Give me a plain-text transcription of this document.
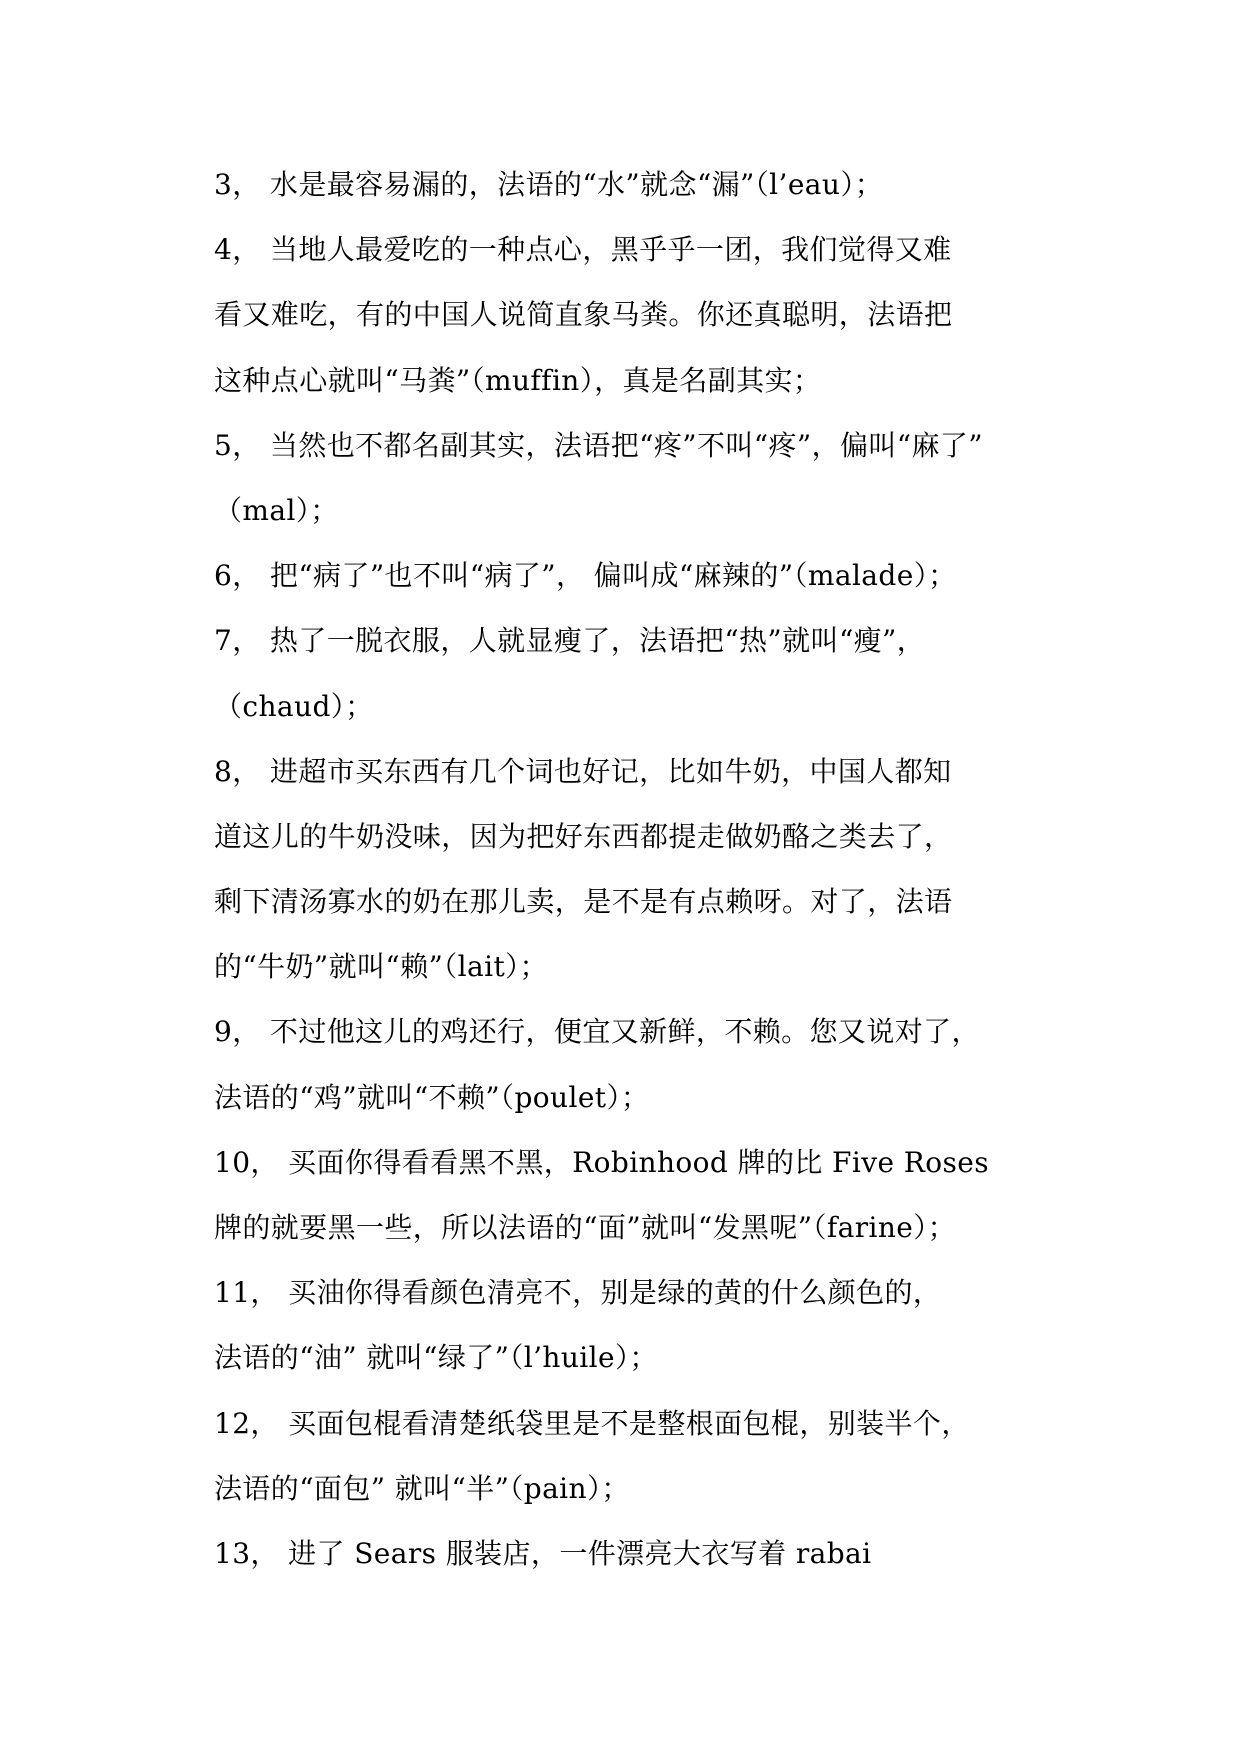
3， 水是最容易漏的，法语的“水”就念“漏”（l’eau）；
4， 当地人最爱吃的一种点心，黑乎乎一团，我们觉得又难
看又难吃，有的中国人说简直象马粪。你还真聪明，法语把
这种点心就叫“马粪”（muffin），真是名副其实；
5， 当然也不都名副其实，法语把“疼”不叫“疼”，偏叫“麻了”
（mal）；
6， 把“病了”也不叫“病了”， 偏叫成“麻辣的”（malade）；
7， 热了一脱衣服，人就显瘦了，法语把“热”就叫“瘦”，
（chaud）；
8， 进超市买东西有几个词也好记，比如牛奶，中国人都知
道这儿的牛奶没味，因为把好东西都提走做奶酪之类去了，
剩下清汤寡水的奶在那儿卖，是不是有点赖呀。对了，法语
的“牛奶”就叫“赖”（lait）；
9， 不过他这儿的鸡还行，便宜又新鲜，不赖。您又说对了，
法语的“鸡”就叫“不赖”（poulet）；
10， 买面你得看看黑不黑，Robinhood 牌的比 Five Roses
牌的就要黑一些，所以法语的“面”就叫“发黑呢”（farine）；
11， 买油你得看颜色清亮不，别是绿的黄的什么颜色的，
法语的“油” 就叫“绿了”（l’huile）；
12， 买面包棍看清楚纸袋里是不是整根面包棍，别装半个，
法语的“面包” 就叫“半”（pain）；
13， 进了 Sears 服装店，一件漂亮大衣写着 rabai
